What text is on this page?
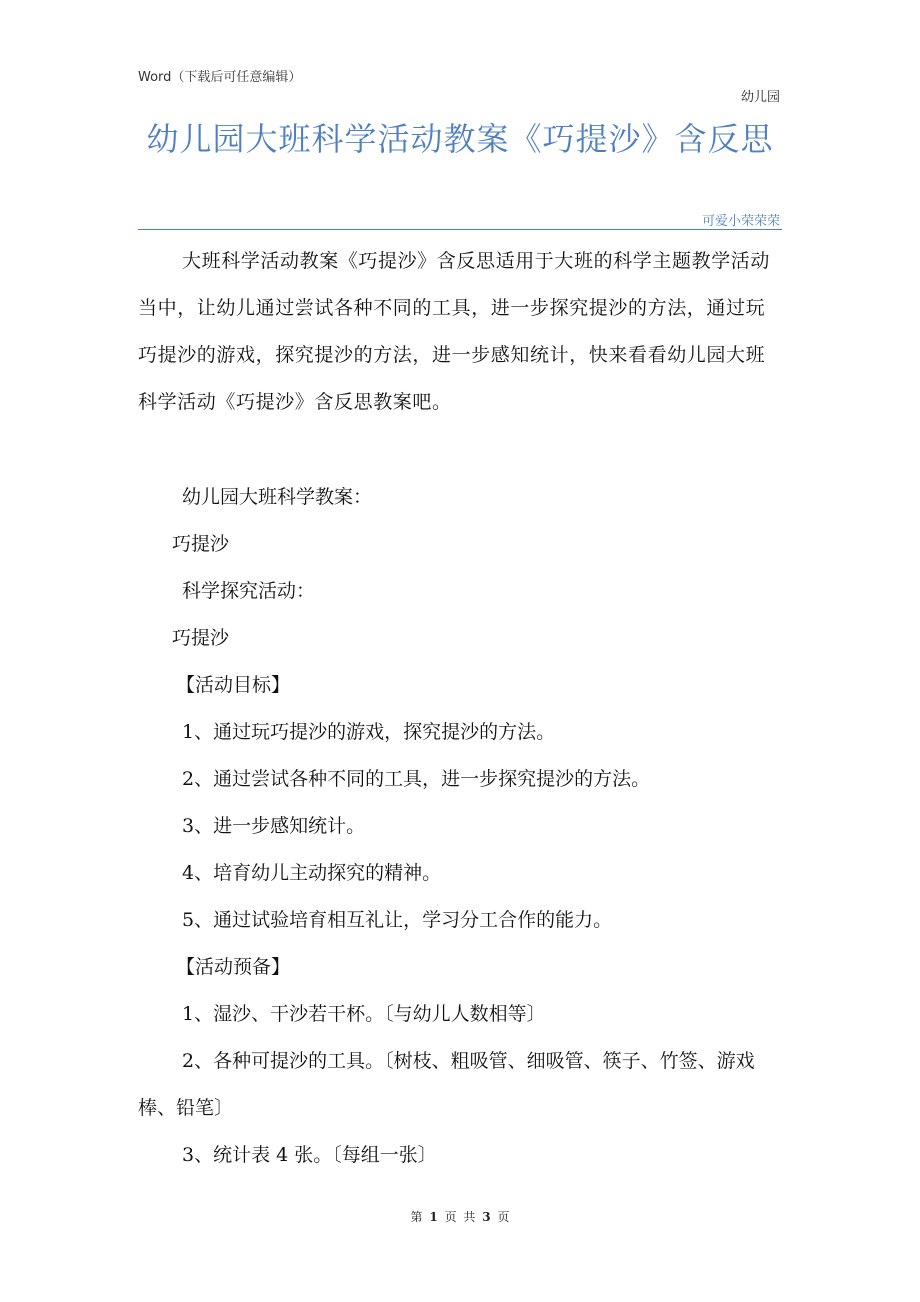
Word（下载后可任意编辑）

幼儿园
幼儿园大班科学活动教案《巧提沙》含反思
可爱小荣荣荣

大班科学活动教案《巧提沙》含反思适用于大班的科学主题教学活动当中，让幼儿通过尝试各种不同的工具，进一步探究提沙的方法，通过玩巧提沙的游戏，探究提沙的方法，进一步感知统计，快来看看幼儿园大班科学活动《巧提沙》含反思教案吧。

幼儿园大班科学教案：

巧提沙

科学探究活动：

巧提沙

【活动目标】

1、通过玩巧提沙的游戏，探究提沙的方法。

2、通过尝试各种不同的工具，进一步探究提沙的方法。

3、进一步感知统计。

4、培育幼儿主动探究的精神。

5、通过试验培育相互礼让，学习分工合作的能力。

【活动预备】

1、湿沙、干沙若干杯。〔与幼儿人数相等〕

2、各种可提沙的工具。〔树枝、粗吸管、细吸管、筷子、竹签、游戏棒、铅笔〕

3、统计表 4 张。〔每组一张〕

第 1 页 共 3 页
